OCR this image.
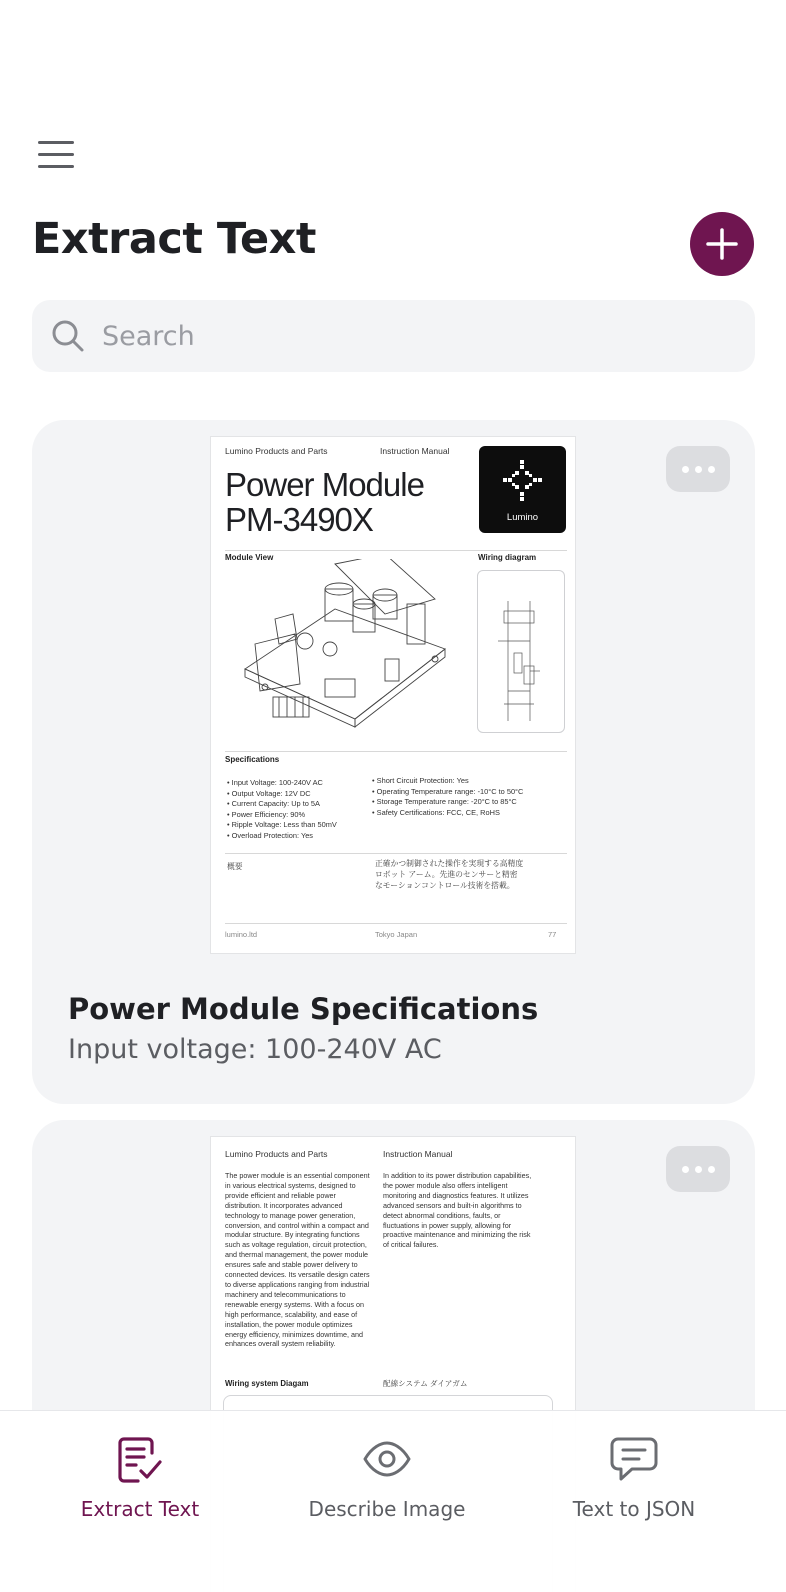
Extract Text
Search
Lumino Products and Parts	Instruction Manual
Power Module
PM-3490X	Lumino
Module View	Wiring diagram
Specifications
• Input Voltage: 100-240V AC
• Output Voltage: 12V DC
• Current Capacity: Up to 5A
• Power Efficiency: 90%
• Ripple Voltage: Less than 50mV
• Overload Protection: Yes
• Short Circuit Protection: Yes
• Operating Temperature range: -10°C to 50°C
• Storage Temperature range: -20°C to 85°C
• Safety Certifications: FCC, CE, RoHS
概要	正確かつ制御された操作を実現する高精度ロボット アーム。先進のセンサーと精密なモーションコントロール技術を搭載。
lumino.ltd	Tokyo Japan	77
Power Module Specifications
Input voltage: 100-240V AC
Lumino Products and Parts	Instruction Manual
The power module is an essential component in various electrical systems, designed to provide efficient and reliable power distribution. It incorporates advanced technology to manage power generation, conversion, and control within a compact and modular structure. By integrating functions such as voltage regulation, circuit protection, and thermal management, the power module ensures safe and stable power delivery to connected devices. Its versatile design caters to diverse applications ranging from industrial machinery and telecommunications to renewable energy systems. With a focus on high performance, scalability, and ease of installation, the power module optimizes energy efficiency, minimizes downtime, and enhances overall system reliability.
In addition to its power distribution capabilities, the power module also offers intelligent monitoring and diagnostics features. It utilizes advanced sensors and built-in algorithms to detect abnormal conditions, faults, or fluctuations in power supply, allowing for proactive maintenance and minimizing the risk of critical failures.
Wiring system Diagam	配線システム ダイアガム
Extract Text	Describe Image	Text to JSON
